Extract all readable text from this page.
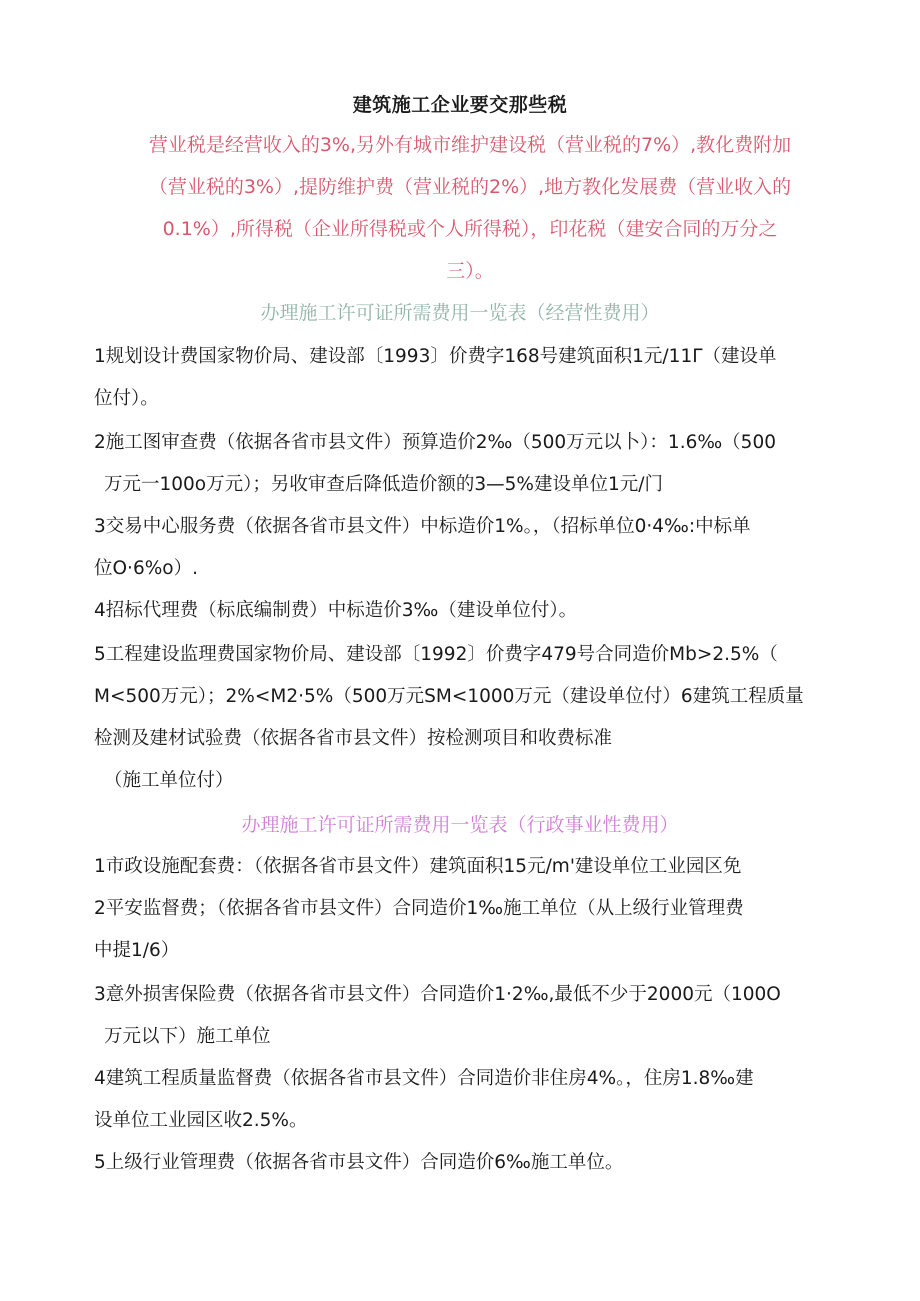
建筑施工企业要交那些税
营业税是经营收入的3%,另外有城市维护建设税（营业税的7%）,教化费附加
（营业税的3%）,提防维护费（营业税的2%）,地方教化发展费（营业收入的
0.1%）,所得税（企业所得税或个人所得税），印花税（建安合同的万分之
三）。
办理施工许可证所需费用一览表（经营性费用）
1规划设计费国家物价局、建设部〔1993〕价费字168号建筑面积1元/11Γ（建设单
位付）。
2施工图审查费（依据各省市县文件）预算造价2‰（500万元以卜）：1.6‰（500
万元一100o万元）；另收审查后降低造价额的3—5%建设单位1元/门
3交易中心服务费（依据各省市县文件）中标造价1%。，（招标单位0·4‰:中标单
位O·6%o）.
4招标代理费（标底编制费）中标造价3‰（建设单位付）。
5工程建设监理费国家物价局、建设部〔1992〕价费字479号合同造价Mb>2.5%（
M<500万元）；2%<M2·5%（500万元SM<1000万元（建设单位付）6建筑工程质量
检测及建材试验费（依据各省市县文件）按检测项目和收费标准
（施工单位付）
办理施工许可证所需费用一览表（行政事业性费用）
1市政设施配套费：（依据各省市县文件）建筑面积15元/m'建设单位工业园区免
2平安监督费；（依据各省市县文件）合同造价1‰施工单位（从上级行业管理费
中提1/6）
3意外损害保险费（依据各省市县文件）合同造价1·2‰,最低不少于2000元（100O
万元以下）施工单位
4建筑工程质量监督费（依据各省市县文件）合同造价非住房4%。，住房1.8‰建
设单位工业园区收2.5%。
5上级行业管理费（依据各省市县文件）合同造价6‰施工单位。
